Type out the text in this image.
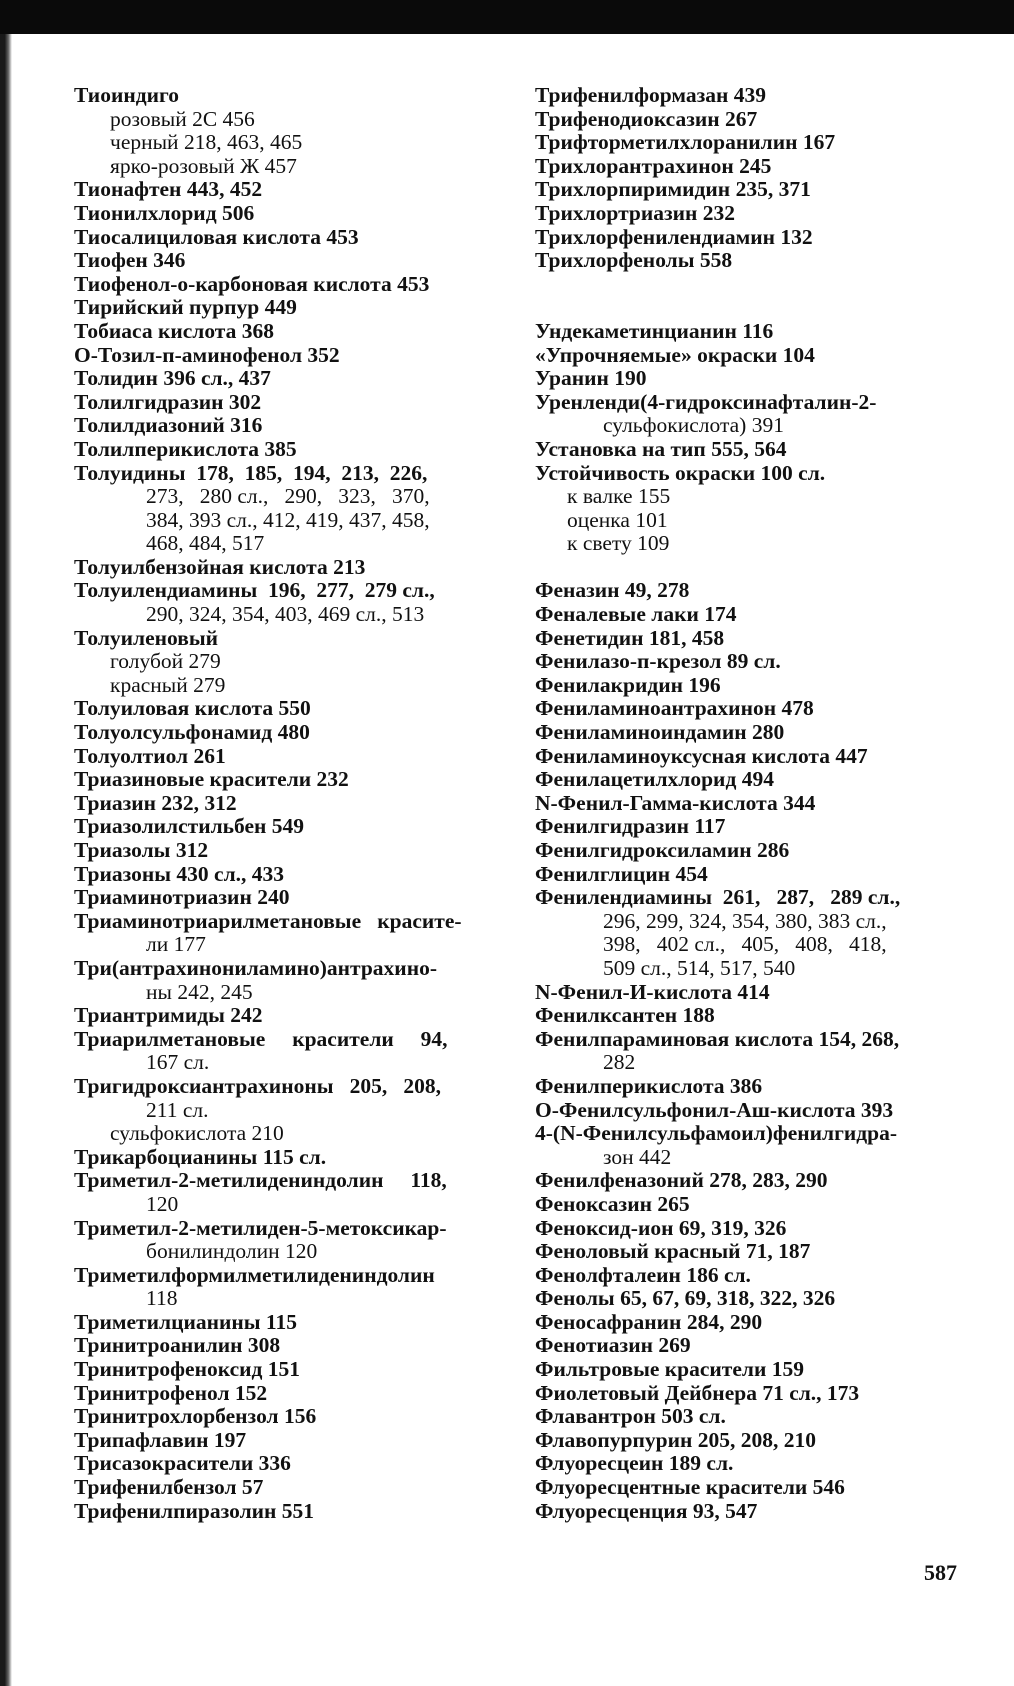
Тиоиндиго
розовый 2С 456
черный 218, 463, 465
ярко-розовый Ж 457
Тионафтен 443, 452
Тионилхлорид 506
Тиосалициловая кислота 453
Тиофен 346
Тиофенол-о-карбоновая кислота 453
Тирийский пурпур 449
Тобиаса кислота 368
О-Тозил-п-аминофенол 352
Толидин 396 сл., 437
Толилгидразин 302
Толилдиазоний 316
Толилперикислота 385
Толуидины  178,  185,  194,  213,  226,
273,   280 сл.,   290,   323,   370,
384, 393 сл., 412, 419, 437, 458,
468, 484, 517
Толуилбензойная кислота 213
Толуилендиамины  196,  277,  279 сл.,
290, 324, 354, 403, 469 сл., 513
Толуиленовый
голубой 279
красный 279
Толуиловая кислота 550
Толуолсульфонамид 480
Толуолтиол 261
Триазиновые красители 232
Триазин 232, 312
Триазолилстильбен 549
Триазолы 312
Триазоны 430 сл., 433
Триаминотриазин 240
Триаминотриарилметановые   красите-
ли 177
Три(антрахинониламино)антрахино-
ны 242, 245
Триантримиды 242
Триарилметановые     красители     94,
167 сл.
Тригидроксиантрахиноны   205,   208,
211 сл.
сульфокислота 210
Трикарбоцианины 115 сл.
Триметил-2-метилидениндолин     118,
120
Триметил-2-метилиден-5-метоксикар-
бонилиндолин 120
Триметилформилметилидениндолин
118
Триметилцианины 115
Тринитроанилин 308
Тринитрофеноксид 151
Тринитрофенол 152
Тринитрохлорбензол 156
Трипафлавин 197
Трисазокрасители 336
Трифенилбензол 57
Трифенилпиразолин 551
Трифенилформазан 439
Трифенодиоксазин 267
Трифторметилхлоранилин 167
Трихлорантрахинон 245
Трихлорпиримидин 235, 371
Трихлортриазин 232
Трихлорфенилендиамин 132
Трихлорфенолы 558
Ундекаметинцианин 116
«Упрочняемые» окраски 104
Уранин 190
Уренленди(4-гидроксинафталин-2-
сульфокислота) 391
Установка на тип 555, 564
Устойчивость окраски 100 сл.
к валке 155
оценка 101
к свету 109
Феназин 49, 278
Феналевые лаки 174
Фенетидин 181, 458
Фенилазо-п-крезол 89 сл.
Фенилакридин 196
Фениламиноантрахинон 478
Фениламиноиндамин 280
Фениламиноуксусная кислота 447
Фенилацетилхлорид 494
N-Фенил-Гамма-кислота 344
Фенилгидразин 117
Фенилгидроксиламин 286
Фенилглицин 454
Фенилендиамины  261,   287,   289 сл.,
296, 299, 324, 354, 380, 383 сл.,
398,   402 сл.,   405,   408,   418,
509 сл., 514, 517, 540
N-Фенил-И-кислота 414
Фенилксантен 188
Фенилпараминовая кислота 154, 268,
282
Фенилперикислота 386
О-Фенилсульфонил-Аш-кислота 393
4-(N-Фенилсульфамоил)фенилгидра-
зон 442
Фенилфеназоний 278, 283, 290
Феноксазин 265
Феноксид-ион 69, 319, 326
Феноловый красный 71, 187
Фенолфталеин 186 сл.
Фенолы 65, 67, 69, 318, 322, 326
Феносафранин 284, 290
Фенотиазин 269
Фильтровые красители 159
Фиолетовый Дейбнера 71 сл., 173
Флавантрон 503 сл.
Флавопурпурин 205, 208, 210
Флуоресцеин 189 сл.
Флуоресцентные красители 546
Флуоресценция 93, 547
587
